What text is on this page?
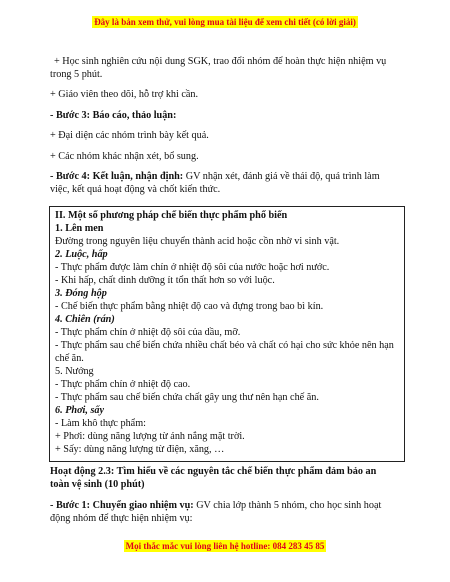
Đây là bản xem thử, vui lòng mua tài liệu để xem chi tiết (có lời giải)
+ Học sinh nghiên cứu nội dung SGK, trao đổi nhóm để hoàn thực hiện nhiệm vụ
trong 5 phút.
+ Giáo viên theo dõi, hỗ trợ khi cần.
- Bước 3: Báo cáo, thảo luận:
+ Đại diện các nhóm trình bày kết quả.
+ Các nhóm khác nhận xét, bổ sung.
- Bước 4: Kết luận, nhận định: GV nhận xét, đánh giá về thái độ, quá trình làm
việc, kết quả hoạt động và chốt kiến thức.
II. Một số phương pháp chế biến thực phẩm phổ biến
1. Lên men
Đường trong nguyên liệu chuyển thành acid hoặc cồn nhờ vi sinh vật.
2. Luộc, hấp
- Thực phẩm được làm chín ở nhiệt độ sôi của nước hoặc hơi nước.
- Khi hấp, chất dinh dưỡng ít tổn thất hơn so với luộc.
3. Đóng hộp
- Chế biến thực phẩm bằng nhiệt độ cao và đựng trong bao bì kín.
4. Chiên (rán)
- Thực phẩm chín ở nhiệt độ sôi của dầu, mỡ.
- Thực phẩm sau chế biến chứa nhiều chất béo và chất có hại cho sức khỏe nên hạn
chế ăn.
5. Nướng
- Thực phẩm chín ở nhiệt độ cao.
- Thực phẩm sau chế biến chứa chất gây ung thư nên hạn chế ăn.
6. Phơi, sấy
- Làm khô thực phẩm:
+ Phơi: dùng năng lượng từ ánh nắng mặt trời.
+ Sấy: dùng năng lượng từ điện, xăng, …
Hoạt động 2.3: Tìm hiểu về các nguyên tắc chế biến thực phẩm đảm bảo an
toàn vệ sinh (10 phút)
- Bước 1: Chuyển giao nhiệm vụ: GV chia lớp thành 5 nhóm, cho học sinh hoạt
động nhóm để thực hiện nhiệm vụ:
Mọi thắc mắc vui lòng liên hệ hotline: 084 283 45 85
